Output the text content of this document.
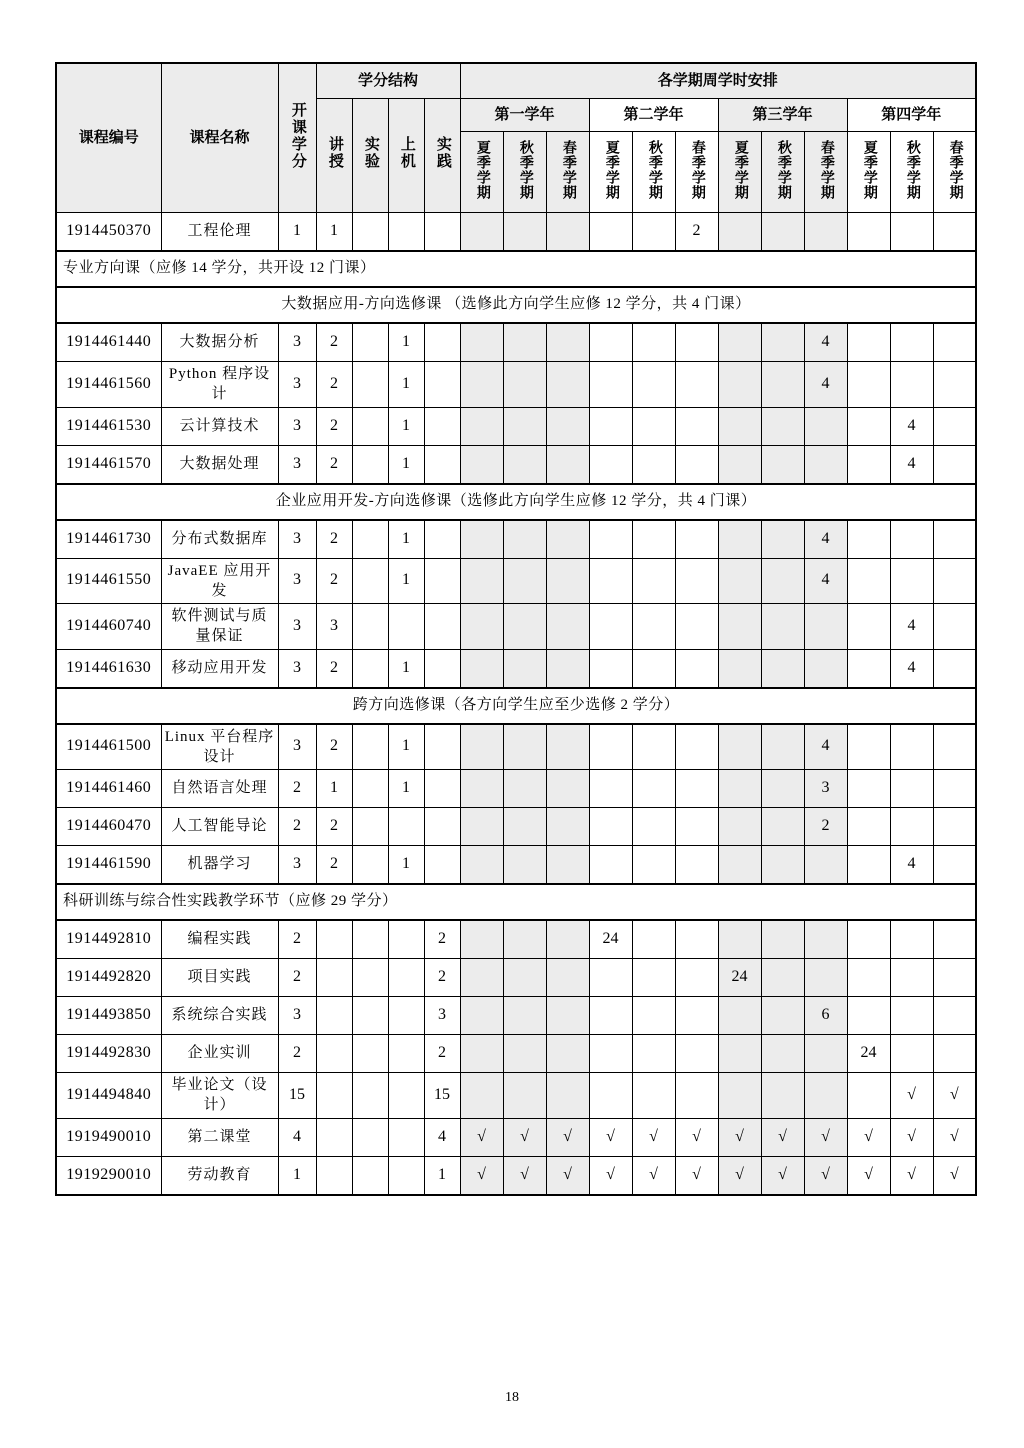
课程编号	课程名称	开课学分	学分结构				各学期周学时安排											
			讲授	实验	上机	实践	第一学年			第二学年			第三学年			第四学年		
							夏季学期	秋季学期	春季学期	夏季学期	秋季学期	春季学期	夏季学期	秋季学期	春季学期	夏季学期	秋季学期	春季学期
1914450370	工程伦理	1	1									2						
专业方向课（应修 14 学分，共开设 12 门课）																		
大数据应用-方向选修课 （选修此方向学生应修 12 学分，共 4 门课）																		
1914461440	大数据分析	3	2		1										4			
1914461560	Python 程序设计	3	2		1										4			
1914461530	云计算技术	3	2		1												4	
1914461570	大数据处理	3	2		1												4	
企业应用开发-方向选修课（选修此方向学生应修 12 学分，共 4 门课）																		
1914461730	分布式数据库	3	2		1										4			
1914461550	JavaEE 应用开发	3	2		1										4			
1914460740	软件测试与质量保证	3	3														4	
1914461630	移动应用开发	3	2		1												4	
跨方向选修课（各方向学生应至少选修 2 学分）																		
1914461500	Linux 平台程序设计	3	2		1										4			
1914461460	自然语言处理	2	1		1										3			
1914460470	人工智能导论	2	2												2			
1914461590	机器学习	3	2		1												4	
科研训练与综合性实践教学环节（应修 29 学分）																		
1914492810	编程实践	2				2				24								
1914492820	项目实践	2				2							24					
1914493850	系统综合实践	3				3									6			
1914492830	企业实训	2				2										24		
1914494840	毕业论文（设计）	15				15											√	√
1919490010	第二课堂	4				4	√	√	√	√	√	√	√	√	√	√	√	√
1919290010	劳动教育	1				1	√	√	√	√	√	√	√	√	√	√	√	√
18
